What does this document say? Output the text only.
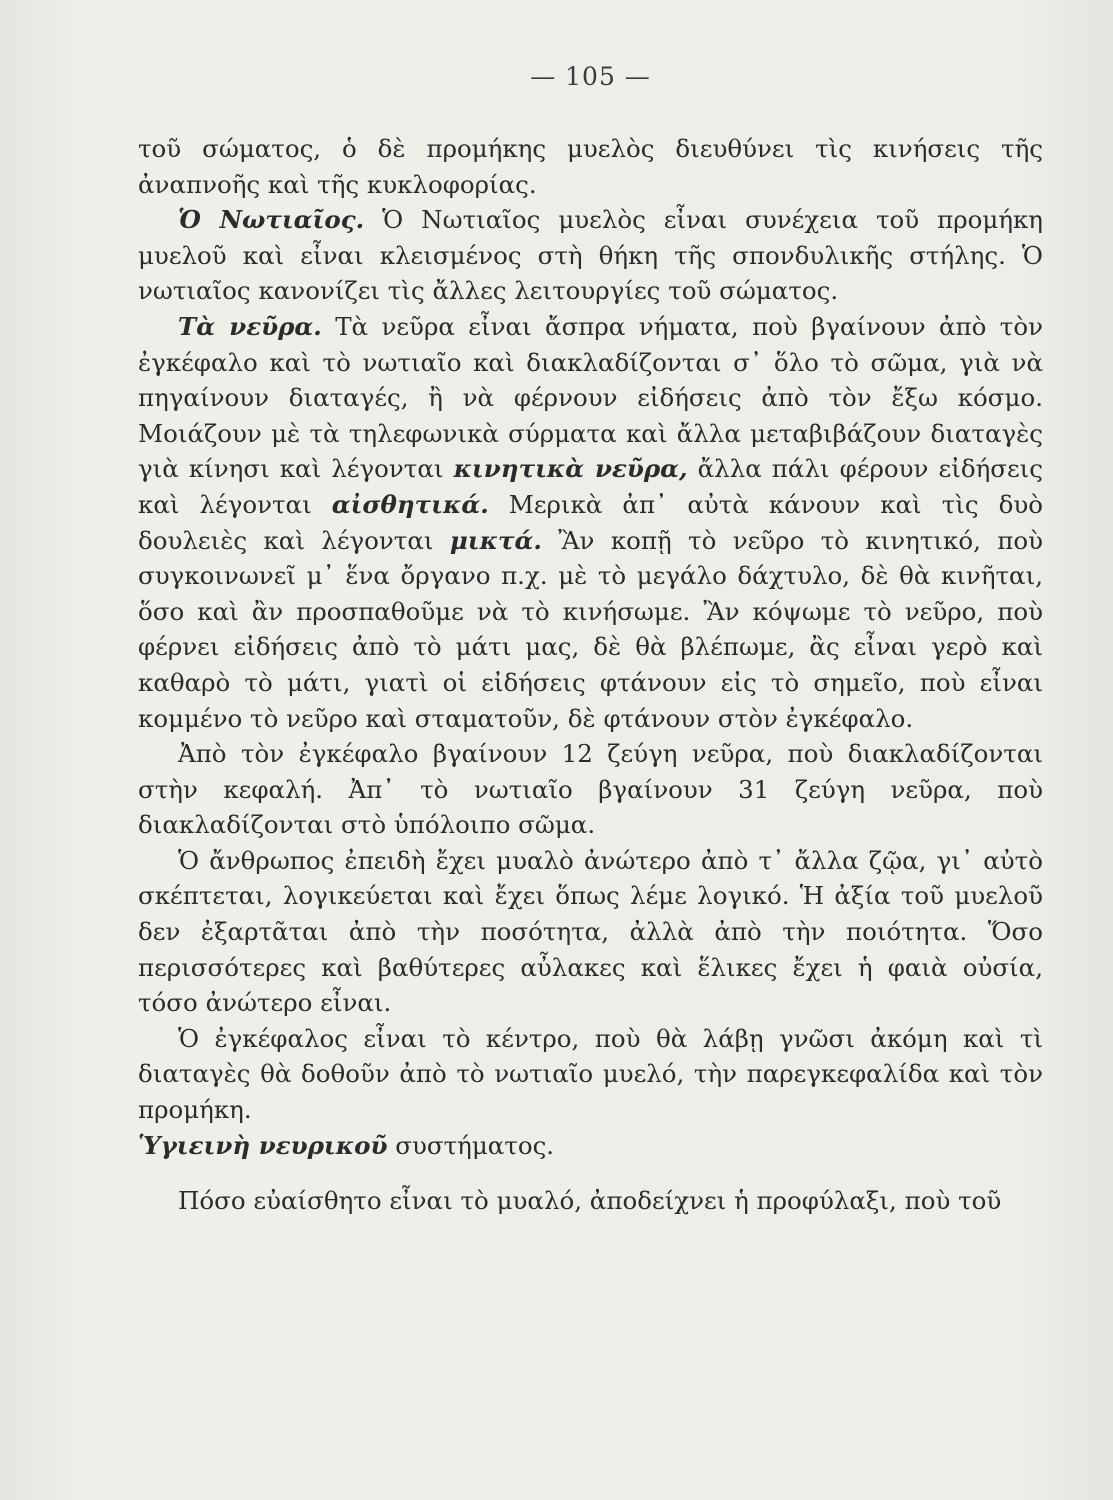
— 105 —

τοῦ σώματος, ὁ δὲ προμήκης μυελὸς διευθύνει τὶς κινήσεις τῆς ἀναπνοῆς καὶ τῆς κυκλοφορίας.

Ὁ Νωτιαῖος. Ὁ Νωτιαῖος μυελὸς εἶναι συνέχεια τοῦ προμήκη μυελοῦ καὶ εἶναι κλεισμένος στὴ θήκη τῆς σπονδυλικῆς στήλης. Ὁ νωτιαῖος κανονίζει τὶς ἄλλες λειτουργίες τοῦ σώματος.

Τὰ νεῦρα. Τὰ νεῦρα εἶναι ἄσπρα νήματα, ποὺ βγαίνουν ἀπὸ τὸν ἐγκέφαλο καὶ τὸ νωτιαῖο καὶ διακλαδίζονται σ᾽ ὅλο τὸ σῶμα, γιὰ νὰ πηγαίνουν διαταγές, ἢ νὰ φέρνουν εἰδήσεις ἀπὸ τὸν ἔξω κόσμο. Μοιάζουν μὲ τὰ τηλεφωνικὰ σύρματα καὶ ἄλλα μεταβιβάζουν διαταγὲς γιὰ κίνησι καὶ λέγονται κινητικὰ νεῦρα, ἄλλα πάλι φέρουν εἰδήσεις καὶ λέγονται αἰσθητικά. Μερικὰ ἀπ᾽ αὐτὰ κάνουν καὶ τὶς δυὸ δουλειὲς καὶ λέγονται μικτά. Ἂν κοπῇ τὸ νεῦρο τὸ κινητικό, ποὺ συγκοινωνεῖ μ᾽ ἕνα ὄργανο π.χ. μὲ τὸ μεγάλο δάχτυλο, δὲ θὰ κινῆται, ὅσο καὶ ἂν προσπαθοῦμε νὰ τὸ κινήσωμε. Ἂν κόψωμε τὸ νεῦρο, ποὺ φέρνει εἰδήσεις ἀπὸ τὸ μάτι μας, δὲ θὰ βλέπωμε, ἂς εἶναι γερὸ καὶ καθαρὸ τὸ μάτι, γιατὶ οἱ εἰδήσεις φτάνουν εἰς τὸ σημεῖο, ποὺ εἶναι κομμένο τὸ νεῦρο καὶ σταματοῦν, δὲ φτάνουν στὸν ἐγκέφαλο.

Ἀπὸ τὸν ἐγκέφαλο βγαίνουν 12 ζεύγη νεῦρα, ποὺ διακλαδίζονται στὴν κεφαλή. Ἀπ᾽ τὸ νωτιαῖο βγαίνουν 31 ζεύγη νεῦρα, ποὺ διακλαδίζονται στὸ ὑπόλοιπο σῶμα.

Ὁ ἄνθρωπος ἐπειδὴ ἔχει μυαλὸ ἀνώτερο ἀπὸ τ᾽ ἄλλα ζῷα, γι᾽ αὐτὸ σκέπτεται, λογικεύεται καὶ ἔχει ὅπως λέμε λογικό. Ἡ ἀξία τοῦ μυελοῦ δεν ἐξαρτᾶται ἀπὸ τὴν ποσότητα, ἀλλὰ ἀπὸ τὴν ποιότητα. Ὅσο περισσότερες καὶ βαθύτερες αὖλακες καὶ ἕλικες ἔχει ἡ φαιὰ οὐσία, τόσο ἀνώτερο εἶναι.

Ὁ ἐγκέφαλος εἶναι τὸ κέντρο, ποὺ θὰ λάβῃ γνῶσι ἀκόμη καὶ τὶ διαταγὲς θὰ δοθοῦν ἀπὸ τὸ νωτιαῖο μυελό, τὴν παρεγκεφαλίδα καὶ τὸν προμήκη.

Ὑγιεινὴ νευρικοῦ συστήματος.

Πόσο εὐαίσθητο εἶναι τὸ μυαλό, ἀποδείχνει ἡ προφύλαξι, ποὺ τοῦ
